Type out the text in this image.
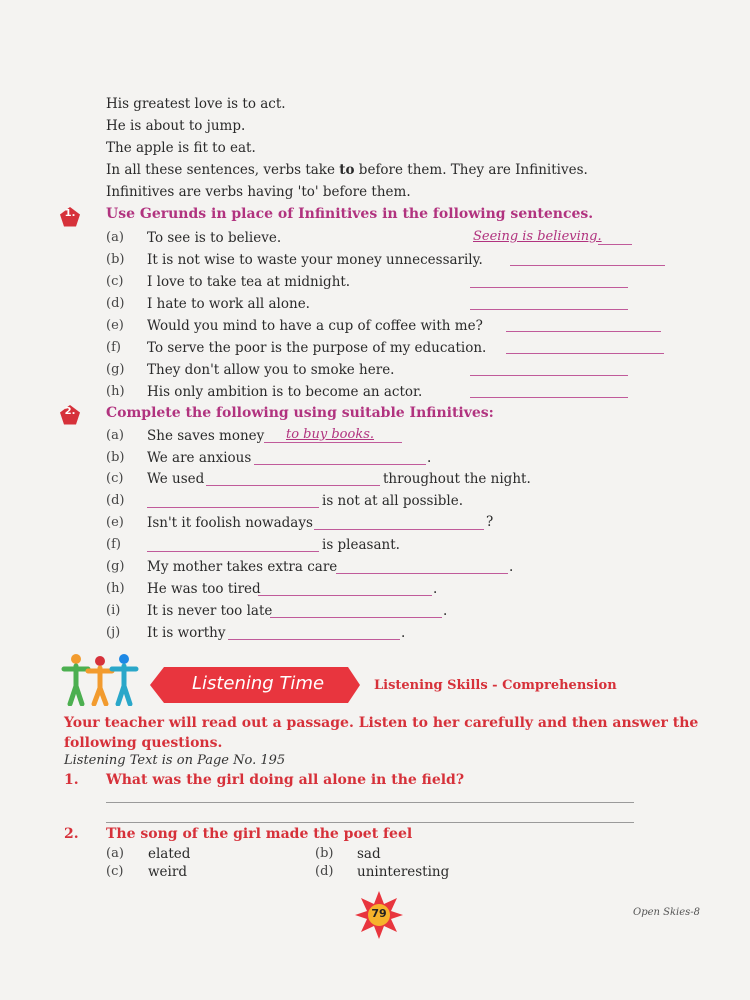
His greatest love is to act.
He is about to jump.
The apple is fit to eat.
In all these sentences, verbs take to before them. They are Infinitives.
Infinitives are verbs having 'to' before them.
1.	Use Gerunds in place of Infinitives in the following sentences.
(a) To see is to believe.	Seeing is believing.
(b) It is not wise to waste your money unnecessarily.
(c) I love to take tea at midnight.
(d) I hate to work all alone.
(e) Would you mind to have a cup of coffee with me?
(f) To serve the poor is the purpose of my education.
(g) They don't allow you to smoke here.
(h) His only ambition is to become an actor.
2.	Complete the following using suitable Infinitives:
(a) She saves money to buy books.
(b) We are anxious	.
(c) We used	throughout the night.
(d)	is not at all possible.
(e) Isn't it foolish nowadays	?
(f)	is pleasant.
(g) My mother takes extra care	.
(h) He was too tired	.
(i) It is never too late	.
(j) It is worthy	.
Listening Time	Listening Skills - Comprehension
Your teacher will read out a passage. Listen to her carefully and then answer the
following questions.
Listening Text is on Page No. 195
1. What was the girl doing all alone in the field?
2. The song of the girl made the poet feel
(a) elated	(b) sad
(c) weird	(d) uninteresting
79	Open Skies-8
